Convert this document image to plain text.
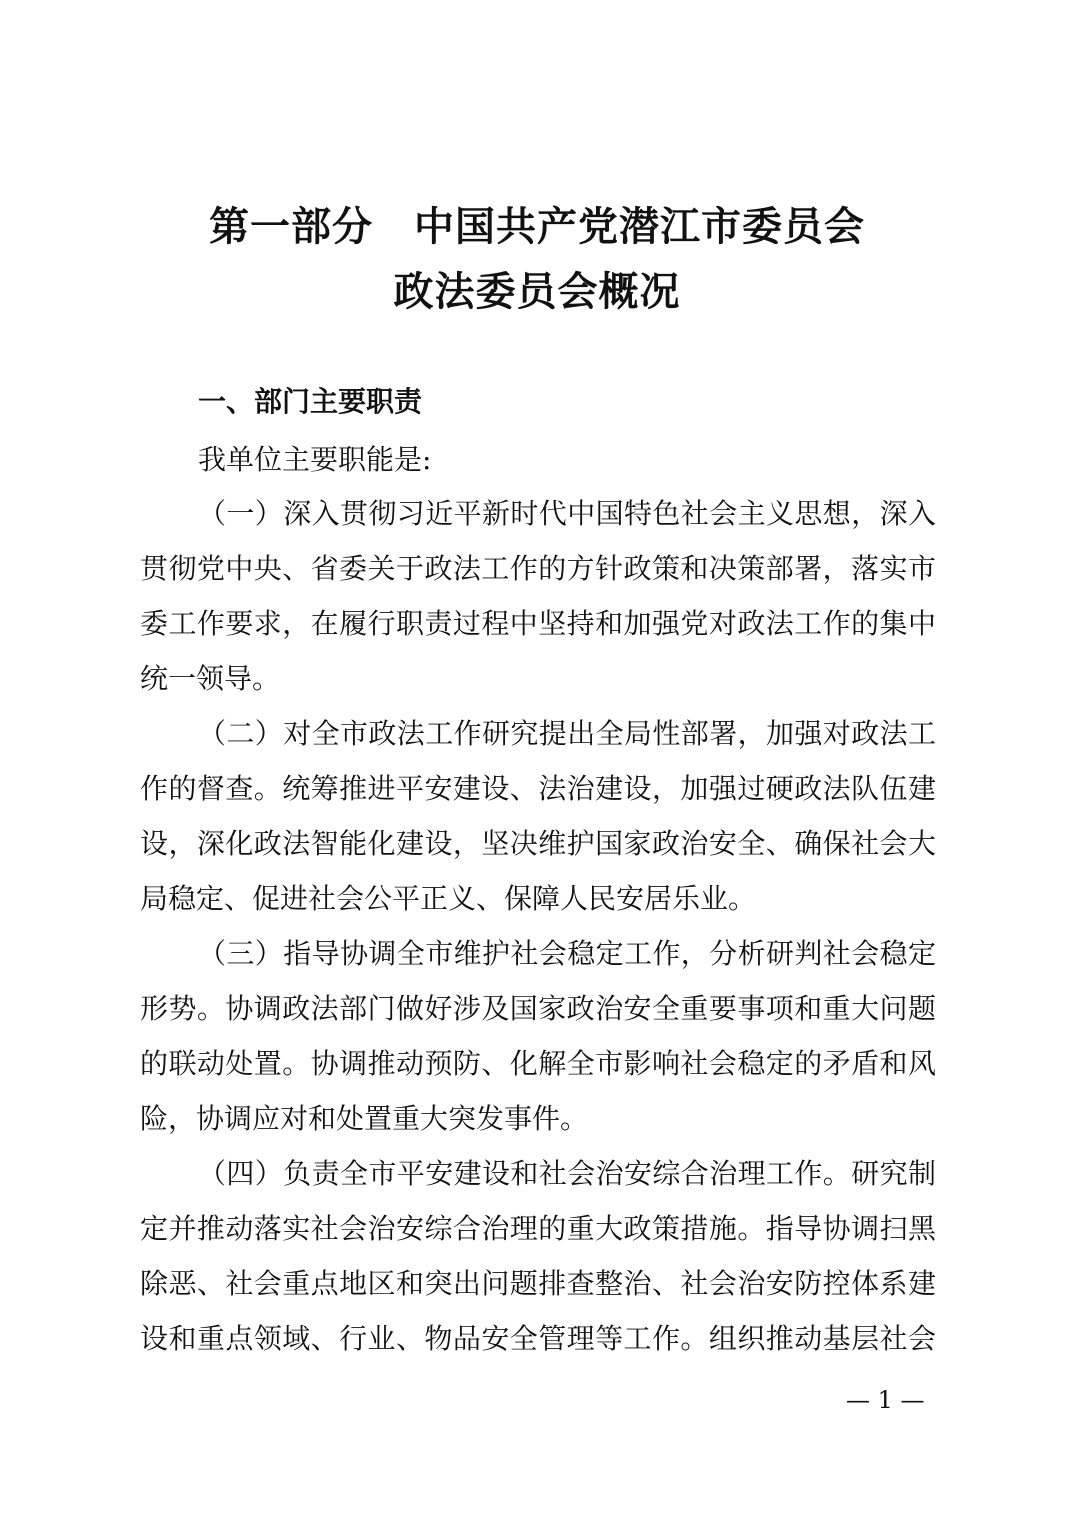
第一部分　中国共产党潜江市委员会
政法委员会概况
一、部门主要职责
我单位主要职能是:
（一）深入贯彻习近平新时代中国特色社会主义思想，深入
贯彻党中央、省委关于政法工作的方针政策和决策部署，落实市
委工作要求，在履行职责过程中坚持和加强党对政法工作的集中
统一领导。
（二）对全市政法工作研究提出全局性部署，加强对政法工
作的督查。统筹推进平安建设、法治建设，加强过硬政法队伍建
设，深化政法智能化建设，坚决维护国家政治安全、确保社会大
局稳定、促进社会公平正义、保障人民安居乐业。
（三）指导协调全市维护社会稳定工作，分析研判社会稳定
形势。协调政法部门做好涉及国家政治安全重要事项和重大问题
的联动处置。协调推动预防、化解全市影响社会稳定的矛盾和风
险，协调应对和处置重大突发事件。
（四）负责全市平安建设和社会治安综合治理工作。研究制
定并推动落实社会治安综合治理的重大政策措施。指导协调扫黑
除恶、社会重点地区和突出问题排查整治、社会治安防控体系建
设和重点领域、行业、物品安全管理等工作。组织推动基层社会
— 1 —
